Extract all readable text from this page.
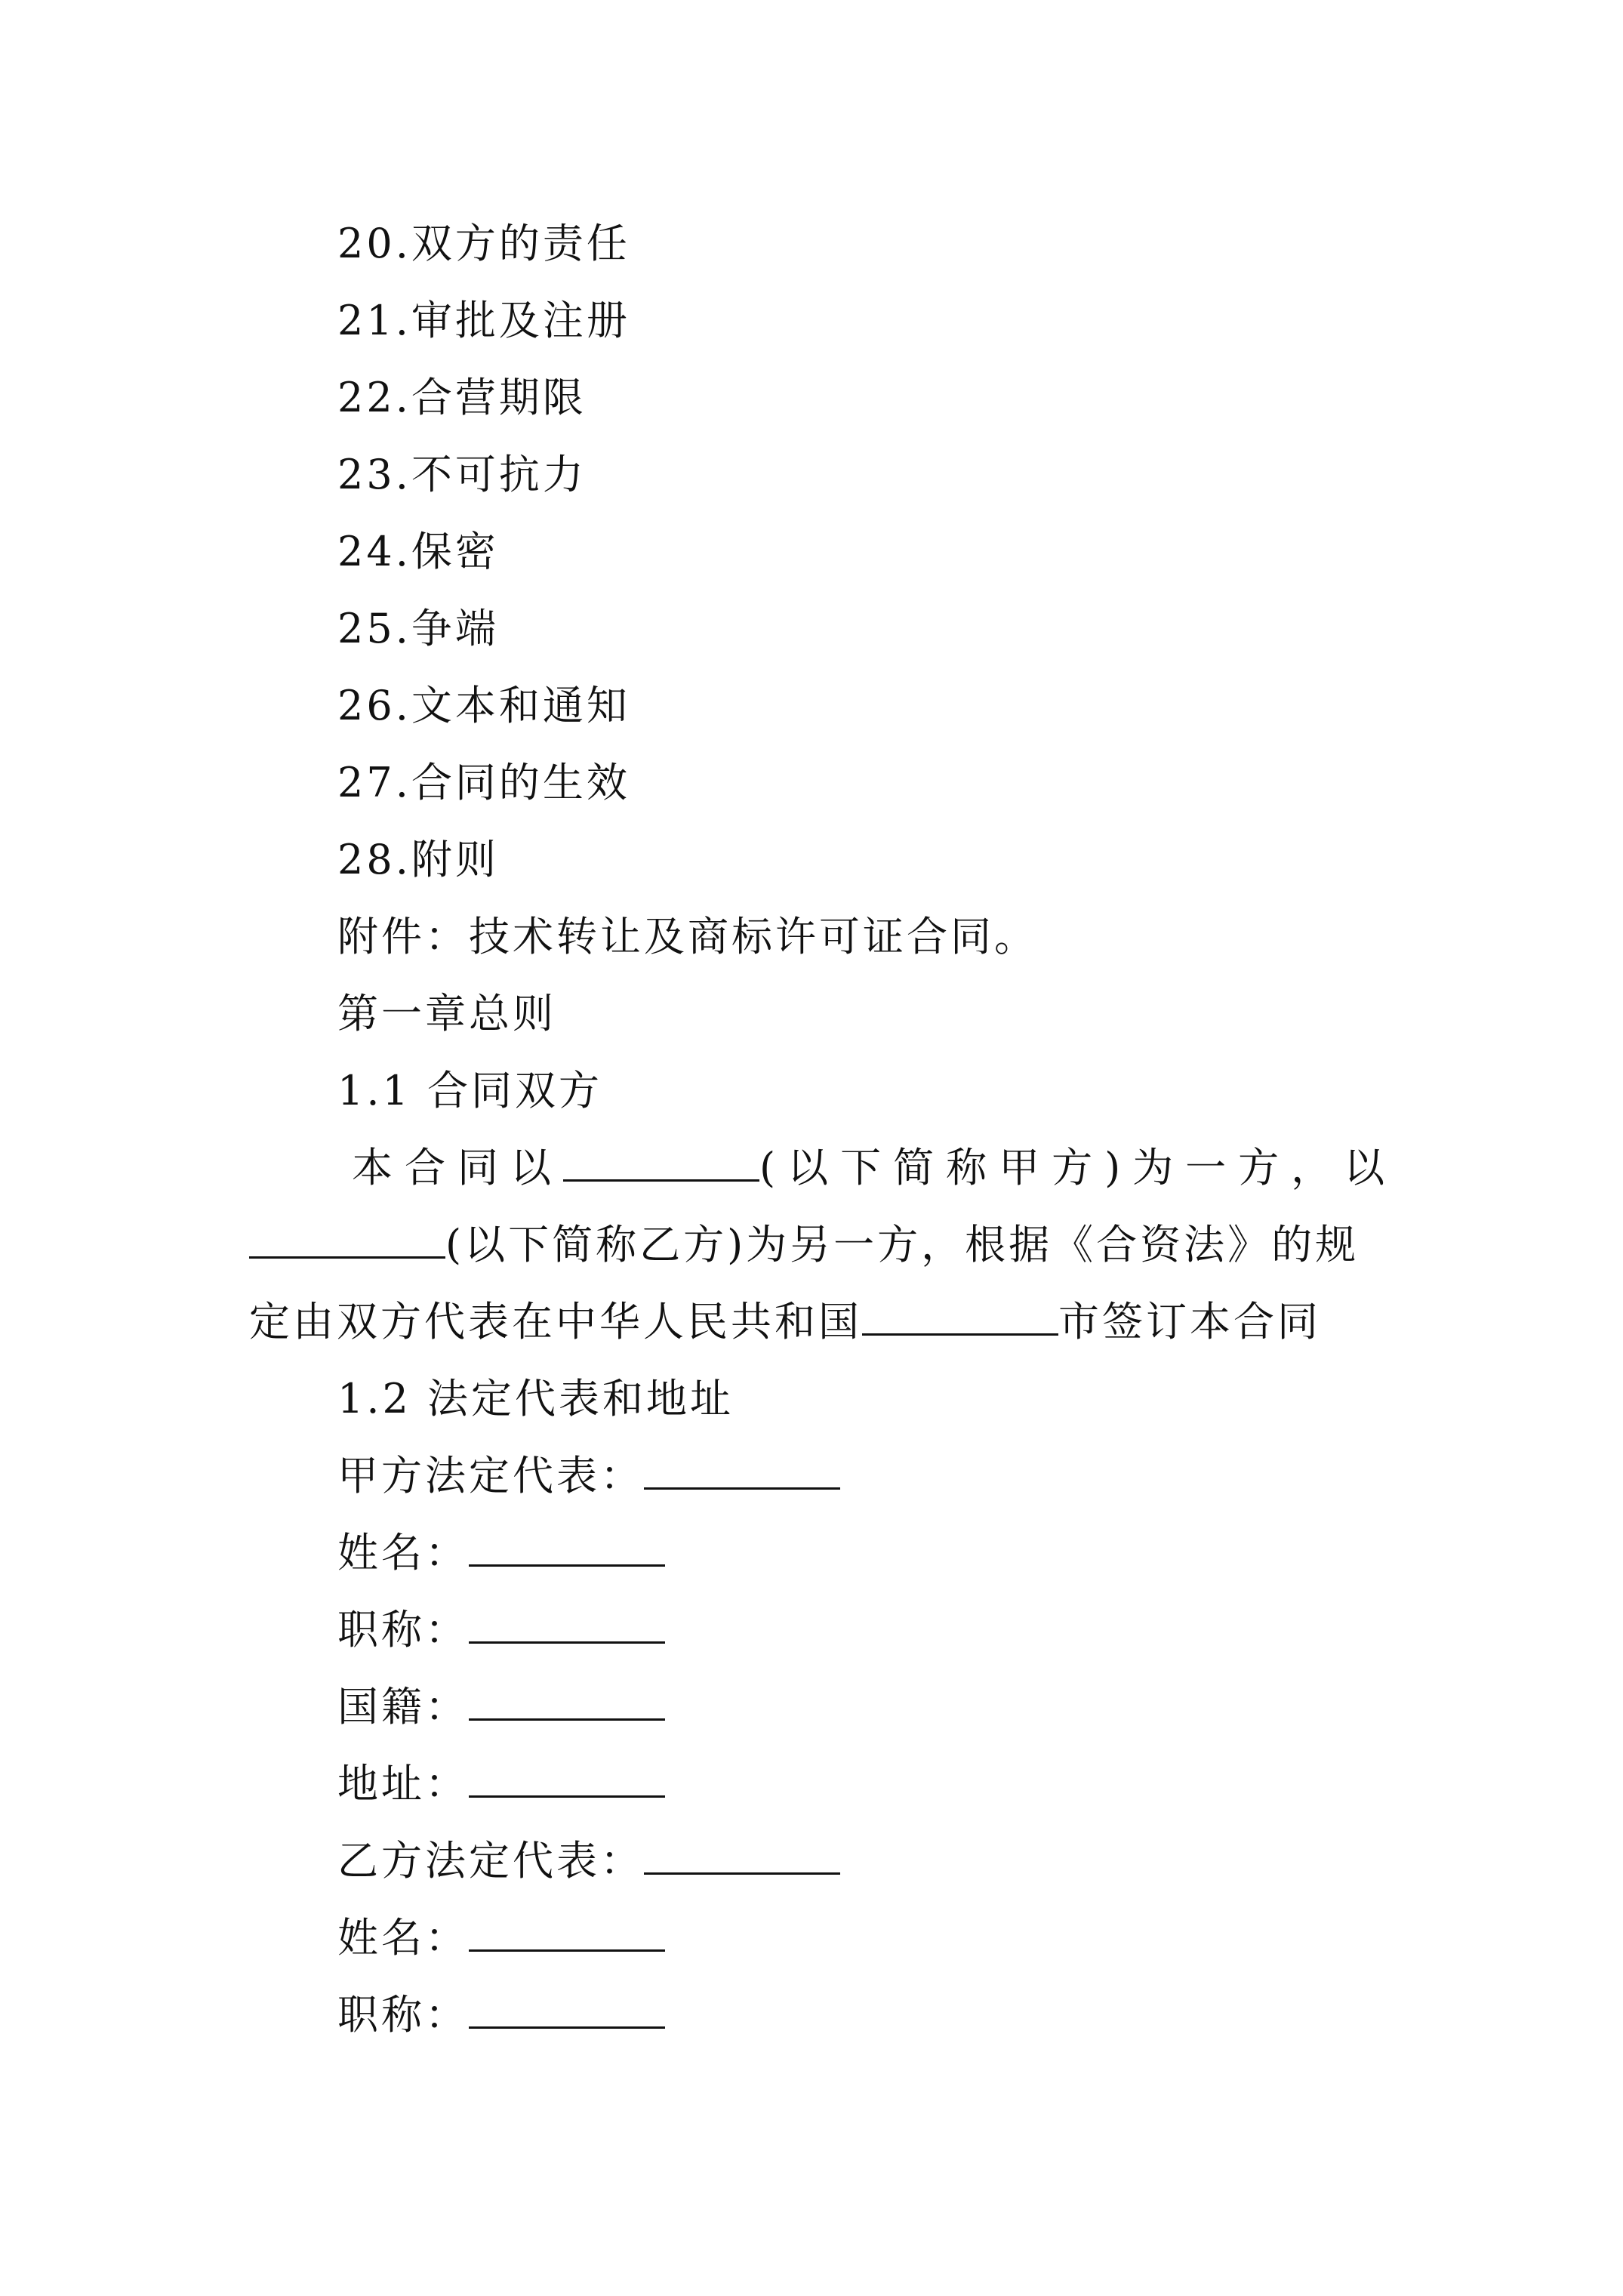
20.双方的责任
21.审批及注册
22.合营期限
23.不可抗力
24.保密
25.争端
26.文本和通知
27.合同的生效
28.附则
附件：技术转让及商标许可证合同。
第一章总则
1.1 合同双方
本合同以	(以下简称甲方)为一方，以
(以下简称乙方)为另一方，根据《合资法》的规
定由双方代表在中华人民共和国	市签订本合同
1.2 法定代表和地址
甲方法定代表：
姓名：
职称：
国籍：
地址：
乙方法定代表：
姓名：
职称：
